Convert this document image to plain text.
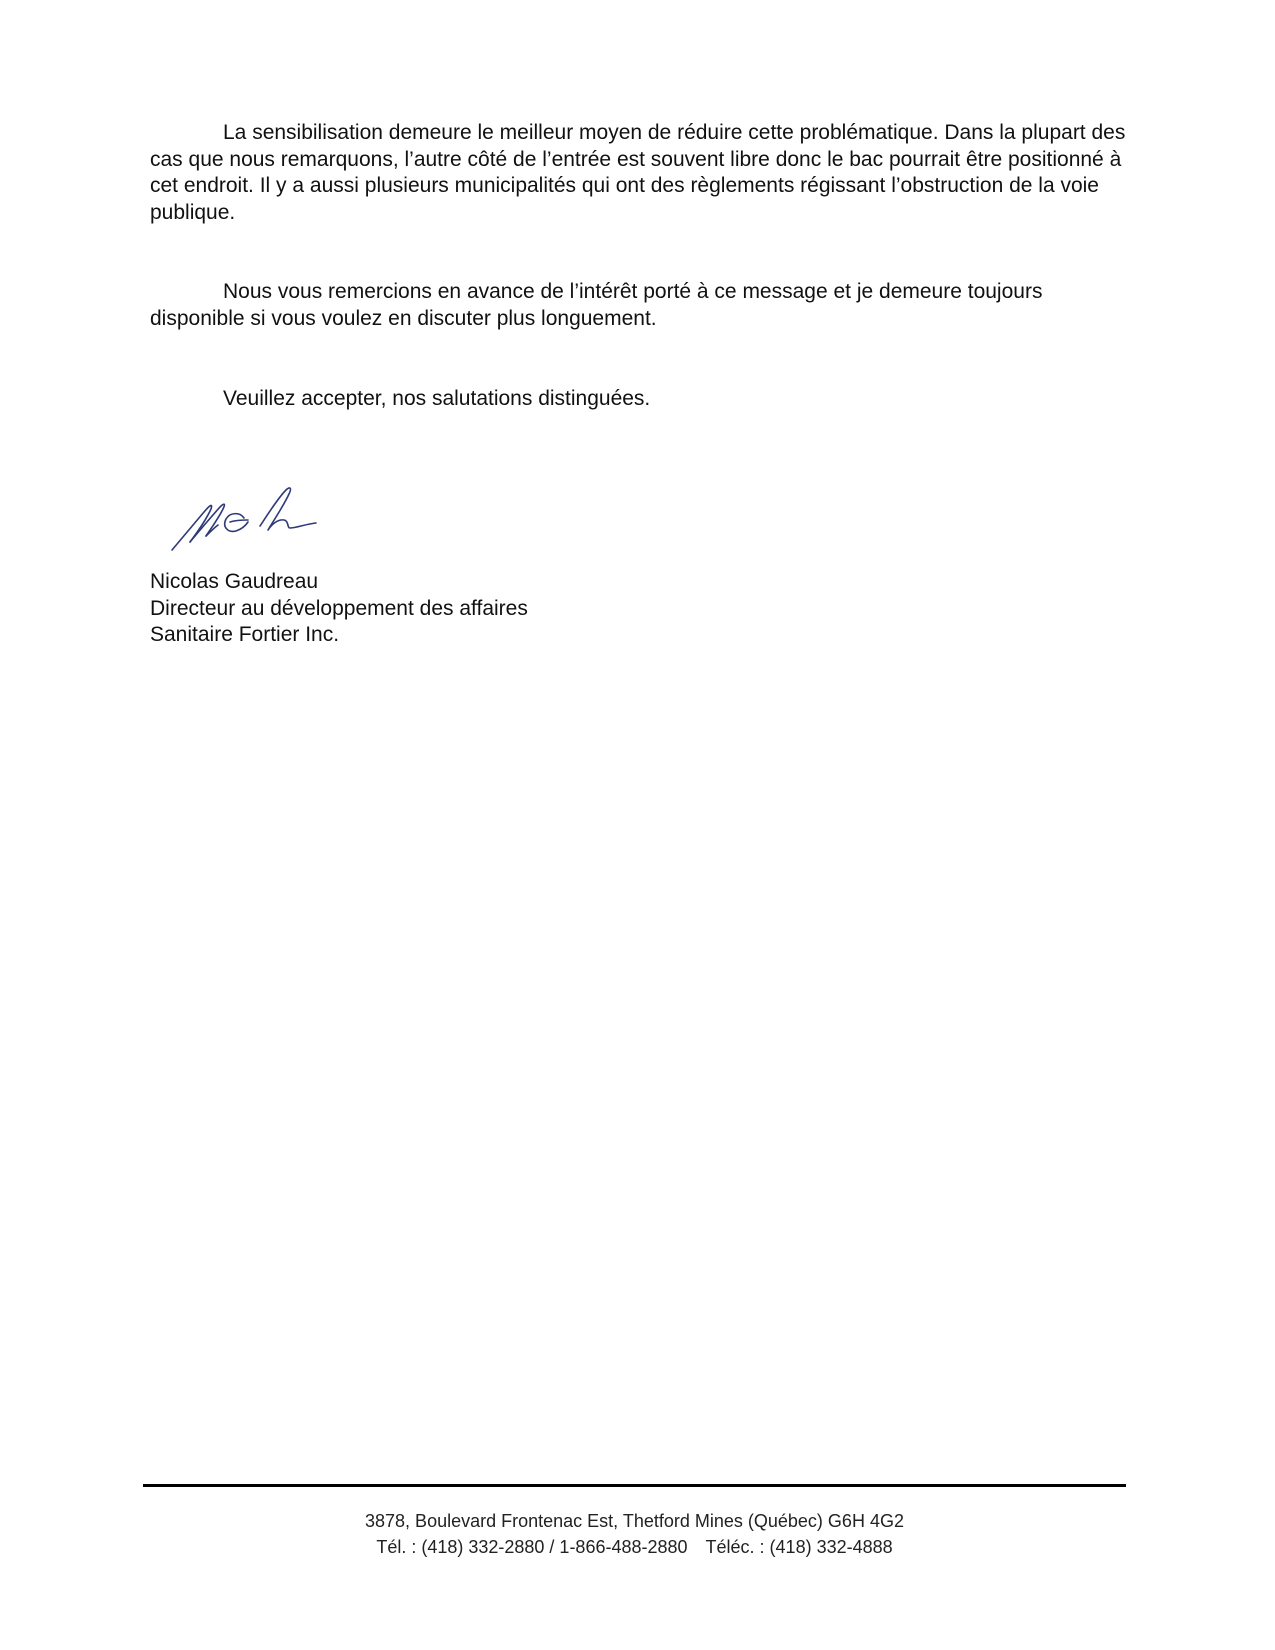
La sensibilisation demeure le meilleur moyen de réduire cette problématique. Dans la plupart des cas que nous remarquons, l’autre côté de l’entrée est souvent libre donc le bac pourrait être positionné à cet endroit. Il y a aussi plusieurs municipalités qui ont des règlements régissant l’obstruction de la voie publique.

Nous vous remercions en avance de l’intérêt porté à ce message et je demeure toujours disponible si vous voulez en discuter plus longuement.

Veuillez accepter, nos salutations distinguées.

Nicolas Gaudreau
Directeur au développement des affaires
Sanitaire Fortier Inc.
3878, Boulevard Frontenac Est, Thetford Mines (Québec) G6H 4G2
Tél. : (418) 332-2880 / 1-866-488-2880 Téléc. : (418) 332-4888
